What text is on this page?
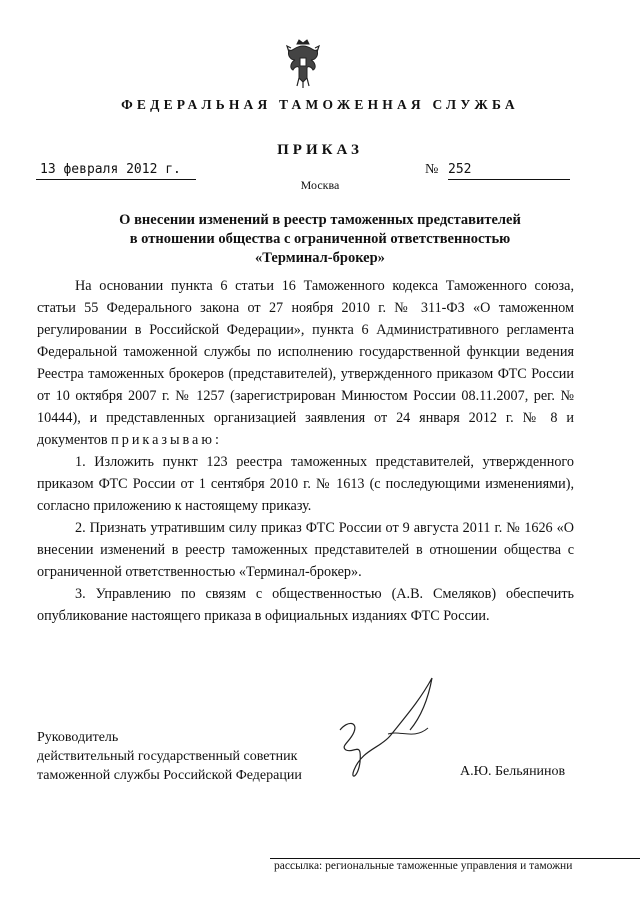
ФЕДЕРАЛЬНАЯ ТАМОЖЕННАЯ СЛУЖБА
ПРИКАЗ
13 февраля 2012 г.	№ 252
Москва
О внесении изменений в реестр таможенных представителей
в отношении общества с ограниченной ответственностью
«Терминал-брокер»

На основании пункта 6 статьи 16 Таможенного кодекса Таможенного союза, статьи 55 Федерального закона от 27 ноября 2010 г. № 311-ФЗ «О таможенном регулировании в Российской Федерации», пункта 6 Административного регламента Федеральной таможенной службы по исполнению государственной функции ведения Реестра таможенных брокеров (представителей), утвержденного приказом ФТС России от 10 октября 2007 г. № 1257 (зарегистрирован Минюстом России 08.11.2007, рег. № 10444), и представленных организацией заявления от 24 января 2012 г. № 8 и документов приказываю:

1. Изложить пункт 123 реестра таможенных представителей, утвержденного приказом ФТС России от 1 сентября 2010 г. № 1613 (с последующими изменениями), согласно приложению к настоящему приказу.

2. Признать утратившим силу приказ ФТС России от 9 августа 2011 г. № 1626 «О внесении изменений в реестр таможенных представителей в отношении общества с ограниченной ответственностью «Терминал-брокер».

3. Управлению по связям с общественностью (А.В. Смеляков) обеспечить опубликование настоящего приказа в официальных изданиях ФТС России.

Руководитель
действительный государственный советник
таможенной службы Российской Федерации	А.Ю. Бельянинов
рассылка: региональные таможенные управления и таможни
